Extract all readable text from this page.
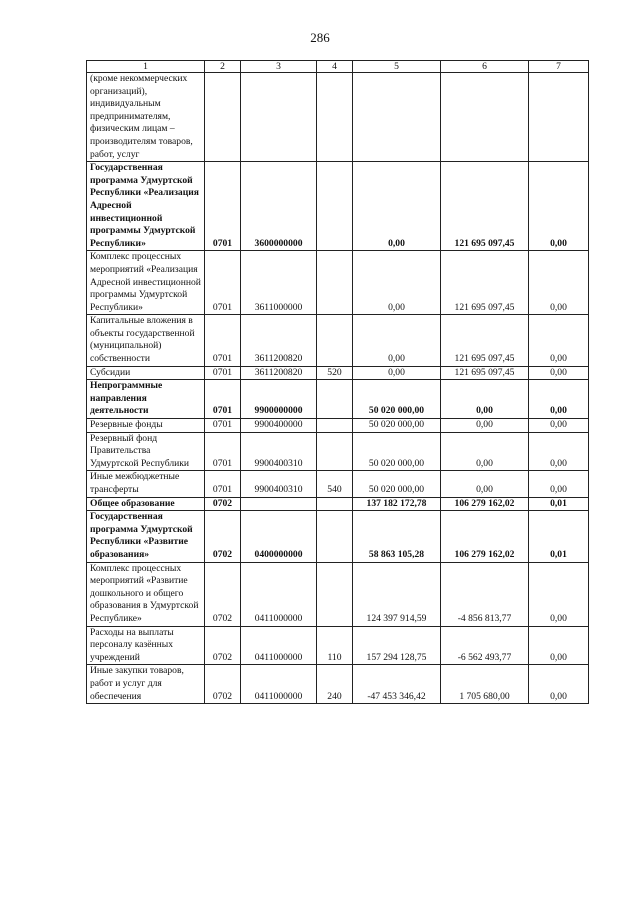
286
1	2	3	4	5	6	7

(кроме некоммерческих организаций), индивидуальным предпринимателям, физическим лицам – производителям товаров, работ, услуг						

Государственная программа Удмуртской Республики «Реализация Адресной инвестиционной программы Удмуртской Республики»	0701	3600000000		0,00	121 695 097,45	0,00

Комплекс процессных мероприятий «Реализация Адресной инвестиционной программы Удмуртской Республики»	0701	3611000000		0,00	121 695 097,45	0,00

Капитальные вложения в объекты государственной (муниципальной) собственности	0701	3611200820		0,00	121 695 097,45	0,00

Субсидии	0701	3611200820	520	0,00	121 695 097,45	0,00

Непрограммные направления деятельности	0701	9900000000		50 020 000,00	0,00	0,00

Резервные фонды	0701	9900400000		50 020 000,00	0,00	0,00

Резервный фонд Правительства Удмуртской Республики	0701	9900400310		50 020 000,00	0,00	0,00

Иные межбюджетные трансферты	0701	9900400310	540	50 020 000,00	0,00	0,00

Общее образование	0702			137 182 172,78	106 279 162,02	0,01

Государственная программа Удмуртской Республики «Развитие образования»	0702	0400000000		58 863 105,28	106 279 162,02	0,01

Комплекс процессных мероприятий «Развитие дошкольного и общего образования в Удмуртской Республике»	0702	0411000000		124 397 914,59	-4 856 813,77	0,00

Расходы на выплаты персоналу казённых учреждений	0702	0411000000	110	157 294 128,75	-6 562 493,77	0,00

Иные закупки товаров, работ и услуг для обеспечения	0702	0411000000	240	-47 453 346,42	1 705 680,00	0,00
